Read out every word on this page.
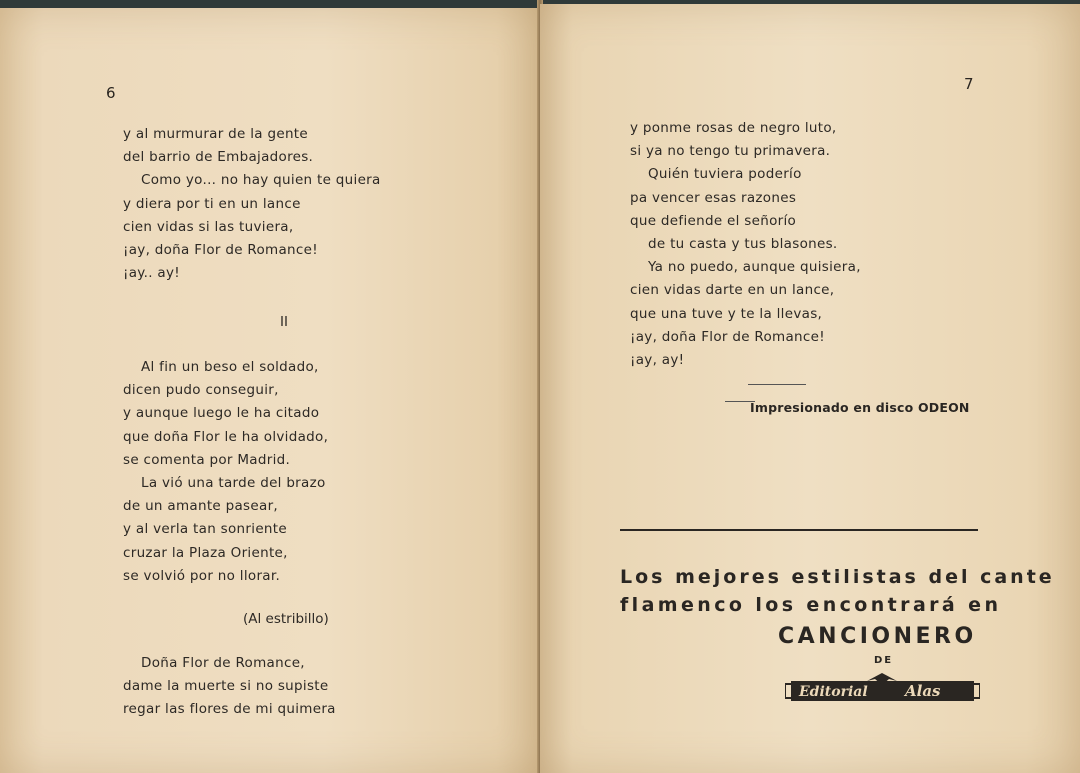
6
y al murmurar de la gente
del barrio de Embajadores.
Como yo... no hay quien te quiera
y diera por ti en un lance
cien vidas si las tuviera,
¡ay, doña Flor de Romance!
¡ay.. ay!
II
Al fin un beso el soldado,
dicen pudo conseguir,
y aunque luego le ha citado
que doña Flor le ha olvidado,
se comenta por Madrid.
La vió una tarde del brazo
de un amante pasear,
y al verla tan sonriente
cruzar la Plaza Oriente,
se volvió por no llorar.
(Al estribillo)
Doña Flor de Romance,
dame la muerte si no supiste
regar las flores de mi quimera
7
y ponme rosas de negro luto,
si ya no tengo tu primavera.
Quién tuviera poderío
pa vencer esas razones
que defiende el señorío
de tu casta y tus blasones.
Ya no puedo, aunque quisiera,
cien vidas darte en un lance,
que una tuve y te la llevas,
¡ay, doña Flor de Romance!
¡ay, ay!
Impresionado en disco ODEON
Los mejores estilistas del cante
flamenco los encontrará en
CANCIONERO
DE
Editorial Alas
